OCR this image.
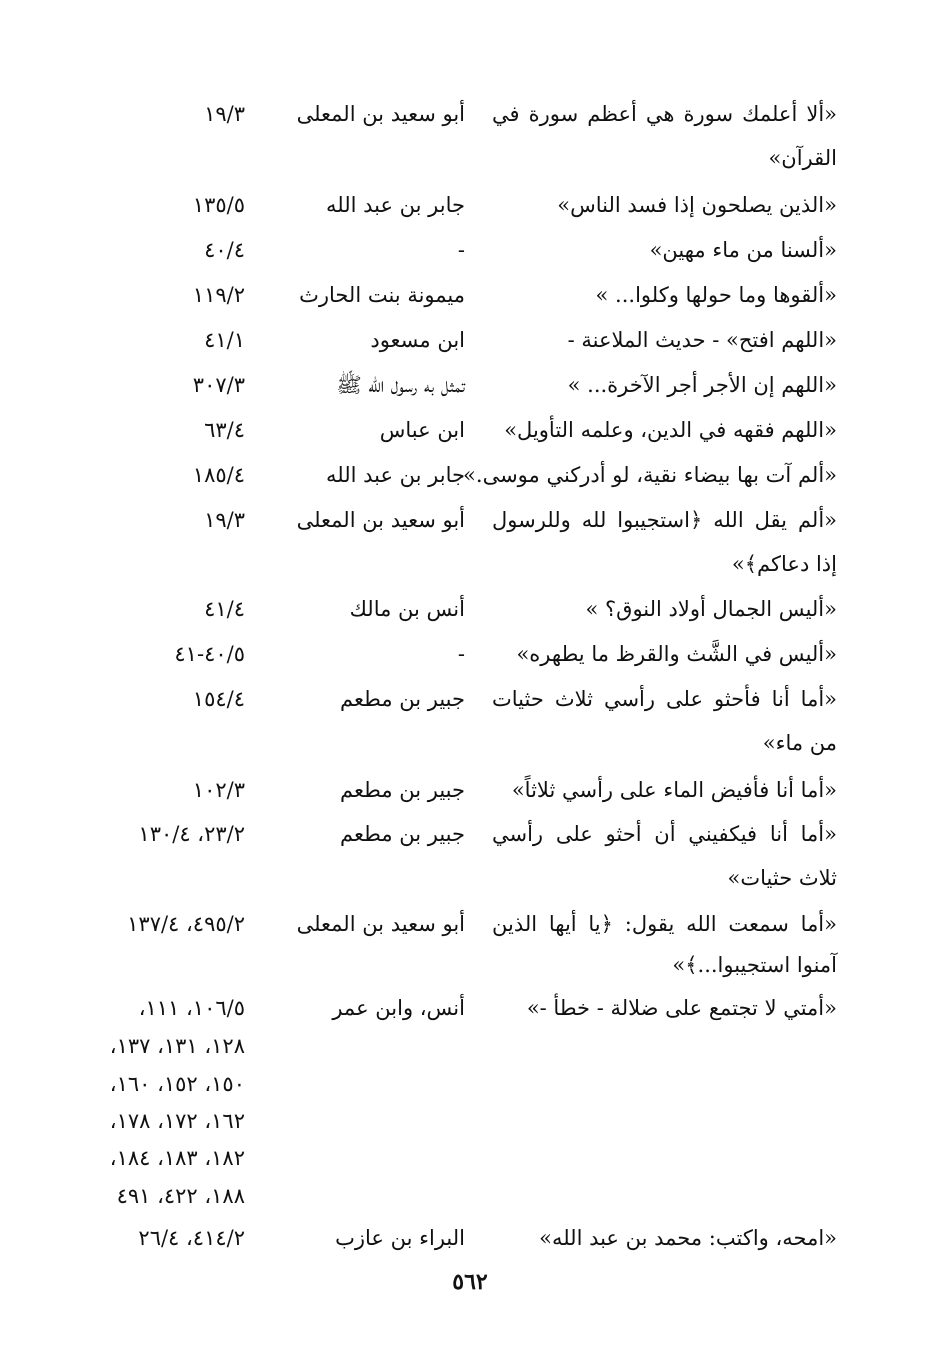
«ألا أعلمك سورة هي أعظم سورة في
أبو سعيد بن المعلى
١٩/٣
القرآن»
«الذين يصلحون إذا فسد الناس»
جابر بن عبد الله
١٣٥/٥
«ألسنا من ماء مهين»
-
٤٠/٤
«ألقوها وما حولها وكلوا... »
ميمونة بنت الحارث
١١٩/٢
«اللهم افتح» - حديث الملاعنة -
ابن مسعود
٤١/١
«اللهم إن الأجر أجر الآخرة... »
تمثل به رسول الله ﷺ
٣٠٧/٣
«اللهم فقهه في الدين، وعلمه التأويل»
ابن عباس
٦٣/٤
«ألم آت بها بيضاء نقية، لو أدركني موسى.»
جابر بن عبد الله
١٨٥/٤
«ألم يقل الله ﴿استجيبوا لله وللرسول
أبو سعيد بن المعلى
١٩/٣
إذا دعاكم﴾»
«أليس الجمال أولاد النوق؟ »
أنس بن مالك
٤١/٤
«أليس في الشَّث والقرظ ما يطهره»
-
٤٠/٥-٤١
«أما أنا فأحثو على رأسي ثلاث حثيات
جبير بن مطعم
١٥٤/٤
من ماء»
«أما أنا فأفيض الماء على رأسي ثلاثاً»
جبير بن مطعم
١٠٢/٣
«أما أنا فيكفيني أن أحثو على رأسي
جبير بن مطعم
٢٣/٢، ١٣٠/٤
ثلاث حثيات»
«أما سمعت الله يقول: ﴿يا أيها الذين
أبو سعيد بن المعلى
٤٩٥/٢، ١٣٧/٤
آمنوا استجيبوا...﴾»
«أمتي لا تجتمع على ضلالة - خطأ -»
أنس، وابن عمر
١٠٦/٥، ١١١،
١٢٨، ١٣١، ١٣٧،
١٥٠، ١٥٢، ١٦٠،
١٦٢، ١٧٢، ١٧٨،
١٨٢، ١٨٣، ١٨٤،
١٨٨، ٤٢٢، ٤٩١
«امحه، واكتب: محمد بن عبد الله»
البراء بن عازب
٤١٤/٢، ٢٦/٤
٥٦٢
